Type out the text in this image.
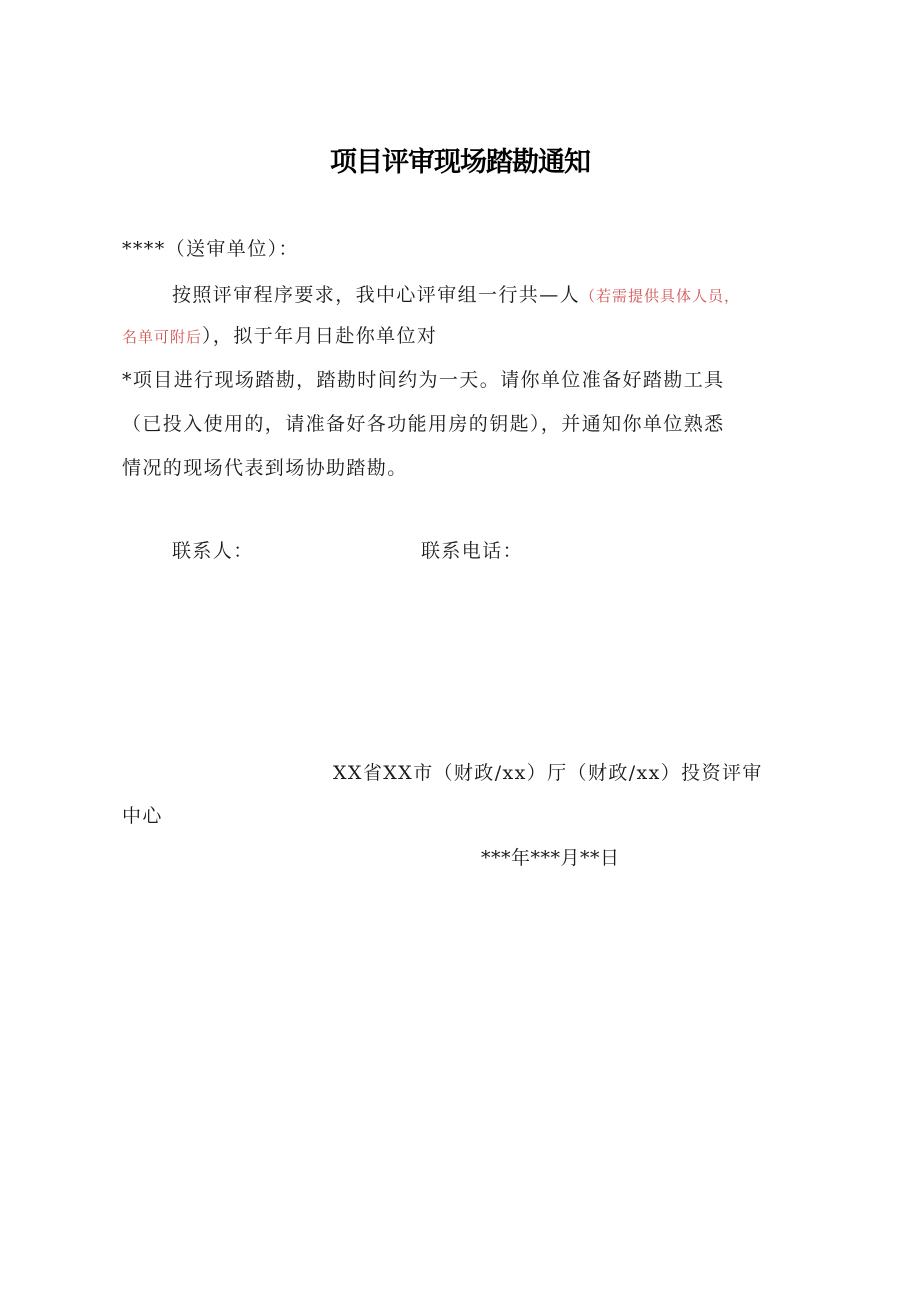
项目评审现场踏勘通知
****（送审单位）：
按照评审程序要求，我中心评审组一行共—人（若需提供具体人员，
名单可附后），拟于年月日赴你单位对
*项目进行现场踏勘，踏勘时间约为一天。请你单位准备好踏勘工具
（已投入使用的，请准备好各功能用房的钥匙），并通知你单位熟悉
情况的现场代表到场协助踏勘。
联系人：	联系电话：
XX省XX市（财政/xx）厅（财政/xx）投资评审
中心
***年***月**日
